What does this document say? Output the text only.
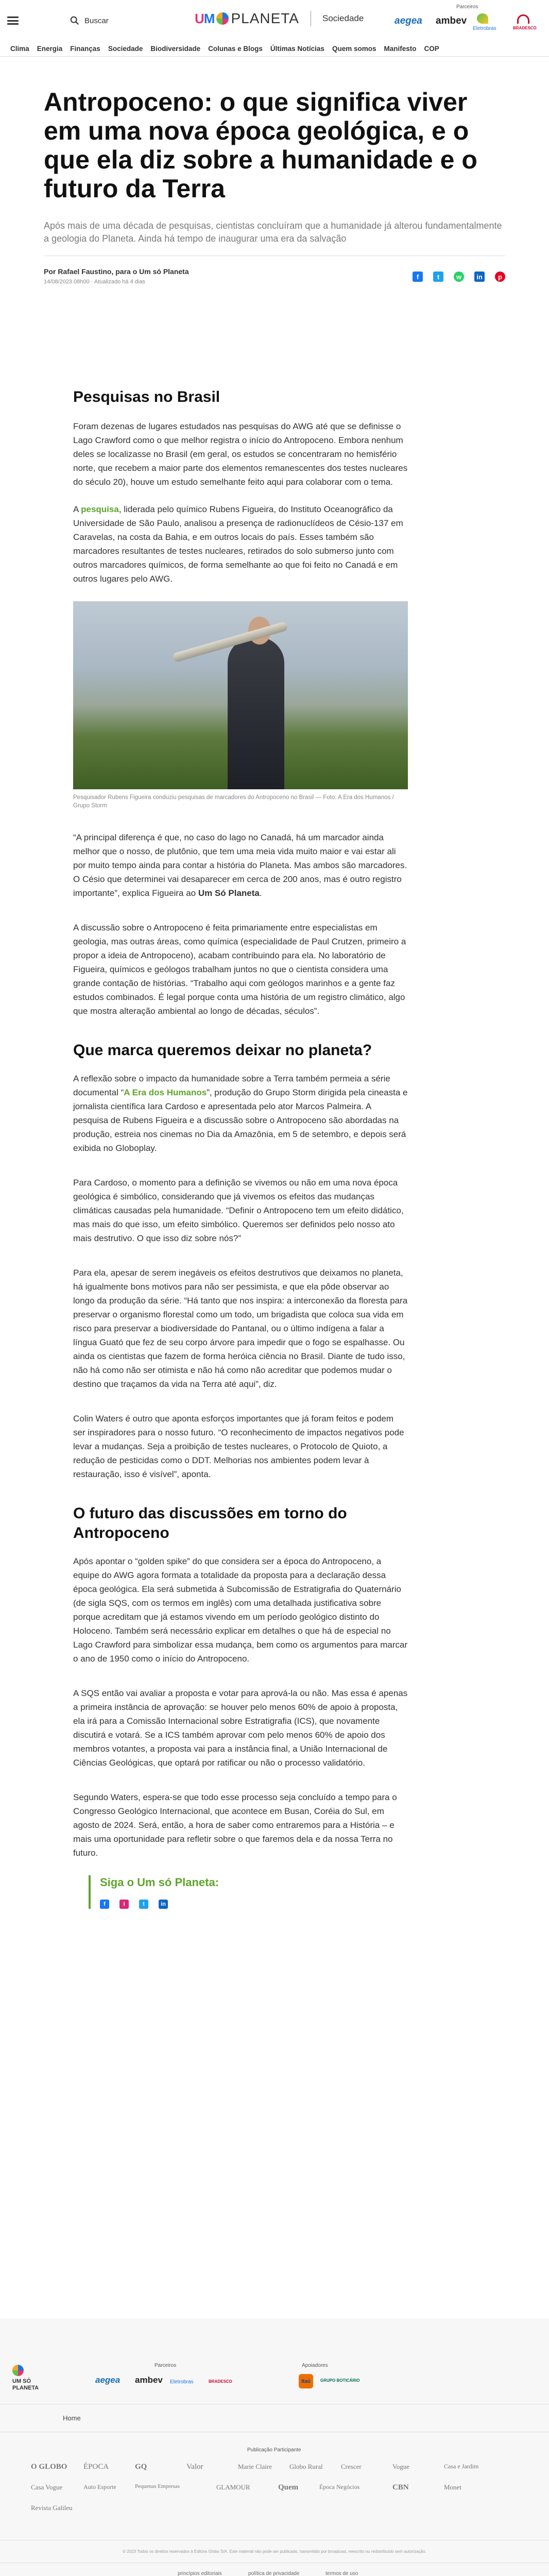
Buscar	UM PLANETA	Sociedade
Parceiros
aegea ambev
Eletrobras	BRADESCO
Clima Energia Finanças Sociedade Biodiversidade Colunas e Blogs Últimas Notícias Quem somos Manifesto COP
Antropoceno: o que significa viver em uma nova época geológica, e o que ela diz sobre a humanidade e o futuro da Terra

Após mais de uma década de pesquisas, cientistas concluíram que a humanidade já alterou fundamentalmente a geologia do Planeta. Ainda há tempo de inaugurar uma era da salvação

Por Rafael Faustino, para o Um só Planeta
14/08/2023 08h00 · Atualizado há 4 dias
f	t	w	in	p
Pesquisas no Brasil

Foram dezenas de lugares estudados nas pesquisas do AWG até que se definisse o Lago Crawford como o que melhor registra o início do Antropoceno. Embora nenhum deles se localizasse no Brasil (em geral, os estudos se concentraram no hemisfério norte, que recebem a maior parte dos elementos remanescentes dos testes nucleares do século 20), houve um estudo semelhante feito aqui para colaborar com o tema.

A pesquisa, liderada pelo químico Rubens Figueira, do Instituto Oceanográfico da Universidade de São Paulo, analisou a presença de radionuclídeos de Césio-137 em Caravelas, na costa da Bahia, e em outros locais do país. Esses também são marcadores resultantes de testes nucleares, retirados do solo submerso junto com outros marcadores químicos, de forma semelhante ao que foi feito no Canadá e em outros lugares pelo AWG.

Pesquisador Rubens Figueira conduziu pesquisas de marcadores do Antropoceno no Brasil — Foto: A Era dos Humanos / Grupo Storm

“A principal diferença é que, no caso do lago no Canadá, há um marcador ainda melhor que o nosso, de plutônio, que tem uma meia vida muito maior e vai estar ali por muito tempo ainda para contar a história do Planeta. Mas ambos são marcadores. O Césio que determinei vai desaparecer em cerca de 200 anos, mas é outro registro importante”, explica Figueira ao Um Só Planeta.

A discussão sobre o Antropoceno é feita primariamente entre especialistas em geologia, mas outras áreas, como química (especialidade de Paul Crutzen, primeiro a propor a ideia de Antropoceno), acabam contribuindo para ela. No laboratório de Figueira, químicos e geólogos trabalham juntos no que o cientista considera uma grande contação de histórias. “Trabalho aqui com geólogos marinhos e a gente faz estudos combinados. É legal porque conta uma história de um registro climático, algo que mostra alteração ambiental ao longo de décadas, séculos”.

Que marca queremos deixar no planeta?

A reflexão sobre o impacto da humanidade sobre a Terra também permeia a série documental “A Era dos Humanos”, produção do Grupo Storm dirigida pela cineasta e jornalista científica Iara Cardoso e apresentada pelo ator Marcos Palmeira. A pesquisa de Rubens Figueira e a discussão sobre o Antropoceno são abordadas na produção, estreia nos cinemas no Dia da Amazônia, em 5 de setembro, e depois será exibida no Globoplay.

Para Cardoso, o momento para a definição se vivemos ou não em uma nova época geológica é simbólico, considerando que já vivemos os efeitos das mudanças climáticas causadas pela humanidade. “Definir o Antropoceno tem um efeito didático, mas mais do que isso, um efeito simbólico. Queremos ser definidos pelo nosso ato mais destrutivo. O que isso diz sobre nós?”

Para ela, apesar de serem inegáveis os efeitos destrutivos que deixamos no planeta, há igualmente bons motivos para não ser pessimista, e que ela pôde observar ao longo da produção da série. “Há tanto que nos inspira: a interconexão da floresta para preservar o organismo florestal como um todo, um brigadista que coloca sua vida em risco para preservar a biodiversidade do Pantanal, ou o último indígena a falar a língua Guató que fez de seu corpo árvore para impedir que o fogo se espalhasse. Ou ainda os cientistas que fazem de forma heróica ciência no Brasil. Diante de tudo isso, não há como não ser otimista e não há como não acreditar que podemos mudar o destino que traçamos da vida na Terra até aqui”, diz.

Colin Waters é outro que aponta esforços importantes que já foram feitos e podem ser inspiradores para o nosso futuro. “O reconhecimento de impactos negativos pode levar a mudanças. Seja a proibição de testes nucleares, o Protocolo de Quioto, a redução de pesticidas como o DDT. Melhorias nos ambientes podem levar à restauração, isso é visível”, aponta.

O futuro das discussões em torno do Antropoceno

Após apontar o “golden spike” do que considera ser a época do Antropoceno, a equipe do AWG agora formata a totalidade da proposta para a declaração dessa época geológica. Ela será submetida à Subcomissão de Estratigrafia do Quaternário (de sigla SQS, com os termos em inglês) com uma detalhada justificativa sobre porque acreditam que já estamos vivendo em um período geológico distinto do Holoceno. Também será necessário explicar em detalhes o que há de especial no Lago Crawford para simbolizar essa mudança, bem como os argumentos para marcar o ano de 1950 como o início do Antropoceno.

A SQS então vai avaliar a proposta e votar para aprová-la ou não. Mas essa é apenas a primeira instância de aprovação: se houver pelo menos 60% de apoio à proposta, ela irá para a Comissão Internacional sobre Estratigrafia (ICS), que novamente discutirá e votará. Se a ICS também aprovar com pelo menos 60% de apoio dos membros votantes, a proposta vai para a instância final, a União Internacional de Ciências Geológicas, que optará por ratificar ou não o processo validatório.

Segundo Waters, espera-se que todo esse processo seja concluído a tempo para o Congresso Geológico Internacional, que acontece em Busan, Coréia do Sul, em agosto de 2024. Será, então, a hora de saber como entraremos para a História – e mais uma oportunidade para refletir sobre o que faremos dela e da nossa Terra no futuro.

Siga o Um só Planeta:
f	i	t	in
UM SÓ PLANETA
Parceiros
aegea ambev Eletrobras	BRADESCO
Apoiadores
Itaú	GRUPO BOTICÁRIO
Home
Publicação Participante
O GLOBO ÉPOCA	GQ	Valor	Marie Claire	Globo Rural	Crescer	Vogue	Casa e Jardim
Casa Vogue	Auto Esporte	Pequenas Empresas	GLAMOUR	Quem	Época Negócios	CBN	Monet
Revista Galileu

© 2023 Todos os direitos reservados à Editora Globo S/A. Este material não pode ser publicado, transmitido por broadcast, reescrito ou redistribuído sem autorização.

princípios editoriais	política de privacidade	termos de uso
